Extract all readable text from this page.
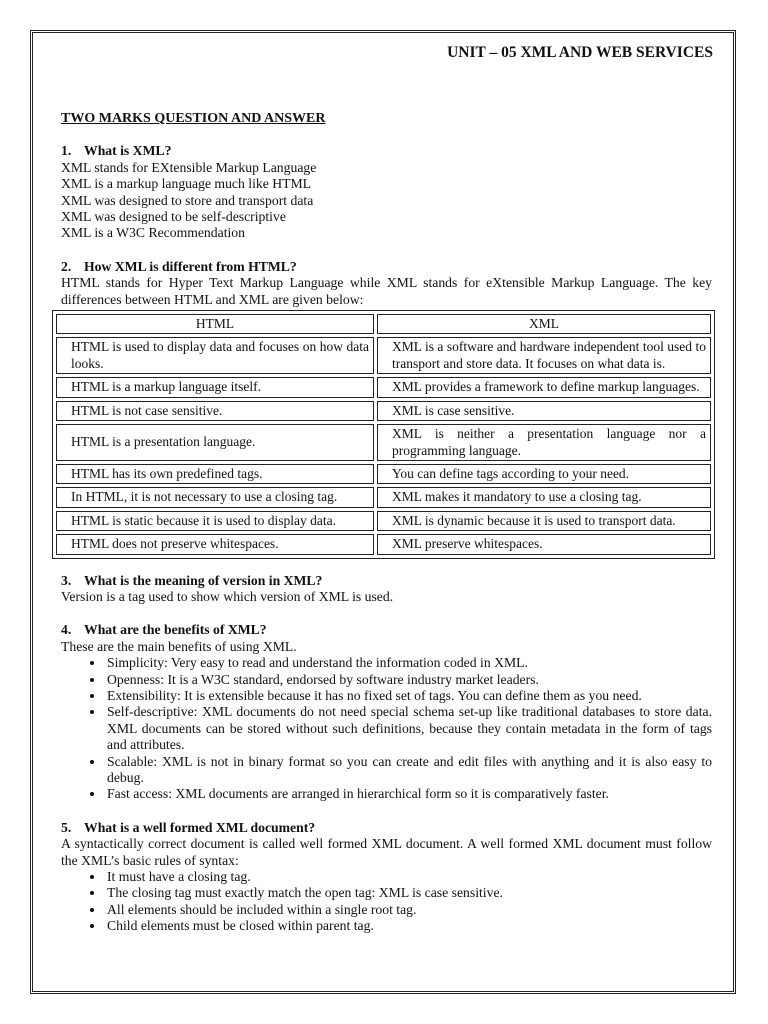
UNIT – 05 XML AND WEB SERVICES

TWO MARKS QUESTION AND ANSWER

1. What is XML?

XML stands for EXtensible Markup Language

XML is a markup language much like HTML

XML was designed to store and transport data

XML was designed to be self-descriptive

XML is a W3C Recommendation

2. How XML is different from HTML?

HTML stands for Hyper Text Markup Language while XML stands for eXtensible Markup Language. The key differences between HTML and XML are given below:

HTML	XML
HTML is used to display data and focuses on how data looks.	XML is a software and hardware independent tool used to transport and store data. It focuses on what data is.
HTML is a markup language itself.	XML provides a framework to define markup languages.
HTML is not case sensitive.	XML is case sensitive.
HTML is a presentation language.	XML is neither a presentation language nor a programming language.
HTML has its own predefined tags.	You can define tags according to your need.
In HTML, it is not necessary to use a closing tag.	XML makes it mandatory to use a closing tag.
HTML is static because it is used to display data.	XML is dynamic because it is used to transport data.
HTML does not preserve whitespaces.	XML preserve whitespaces.

3. What is the meaning of version in XML?

Version is a tag used to show which version of XML is used.

4. What are the benefits of XML?

These are the main benefits of using XML.

• Simplicity: Very easy to read and understand the information coded in XML.
• Openness: It is a W3C standard, endorsed by software industry market leaders.
• Extensibility: It is extensible because it has no fixed set of tags. You can define them as you need.
• Self-descriptive: XML documents do not need special schema set-up like traditional databases to store data. XML documents can be stored without such definitions, because they contain metadata in the form of tags and attributes.
• Scalable: XML is not in binary format so you can create and edit files with anything and it is also easy to debug.
• Fast access: XML documents are arranged in hierarchical form so it is comparatively faster.

5. What is a well formed XML document?

A syntactically correct document is called well formed XML document. A well formed XML document must follow the XML’s basic rules of syntax:

• It must have a closing tag.
• The closing tag must exactly match the open tag: XML is case sensitive.
• All elements should be included within a single root tag.
• Child elements must be closed within parent tag.
